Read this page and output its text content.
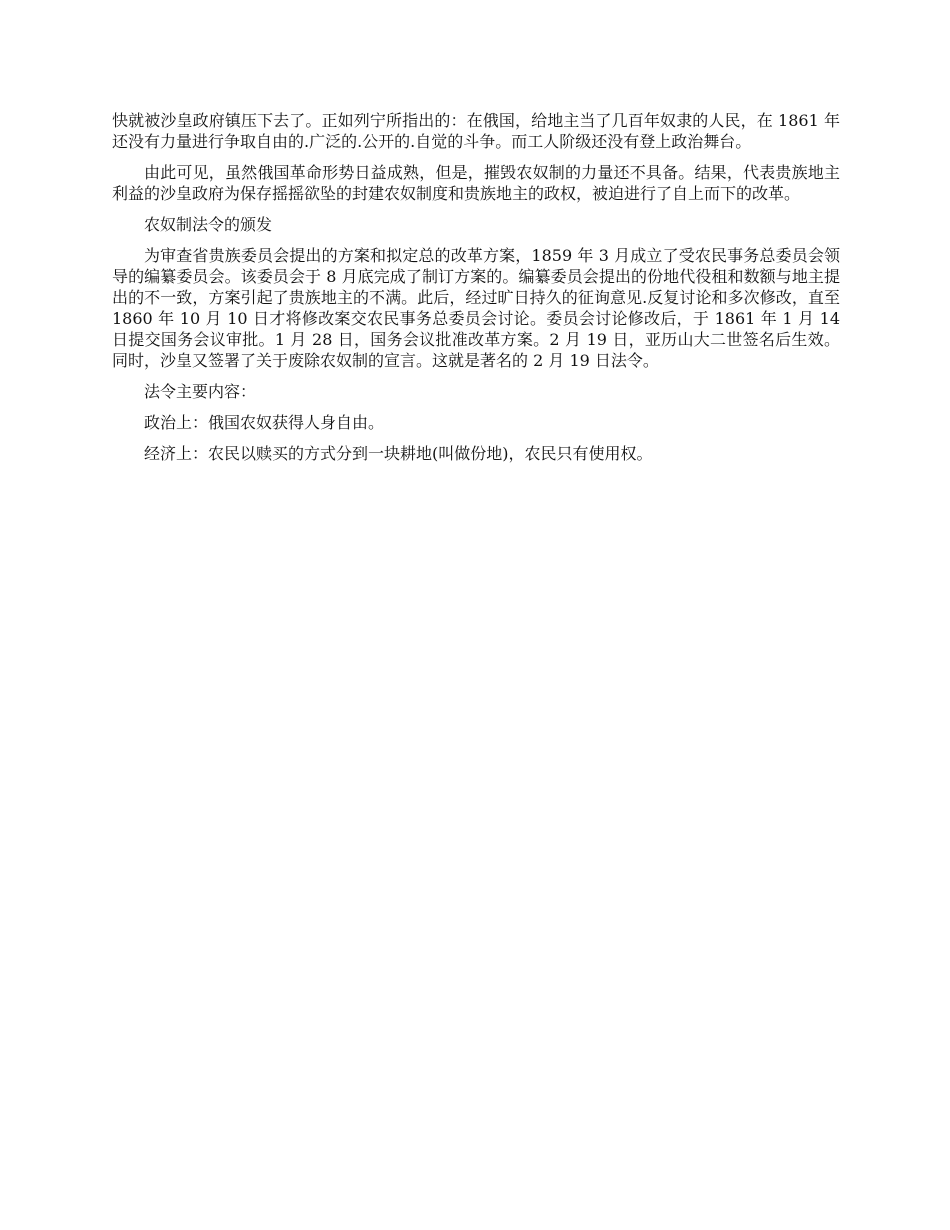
快就被沙皇政府镇压下去了。正如列宁所指出的：在俄国，给地主当了几百年奴隶的人民，在 1861 年还没有力量进行争取自由的.广泛的.公开的.自觉的斗争。而工人阶级还没有登上政治舞台。

由此可见，虽然俄国革命形势日益成熟，但是，摧毁农奴制的力量还不具备。结果，代表贵族地主利益的沙皇政府为保存摇摇欲坠的封建农奴制度和贵族地主的政权，被迫进行了自上而下的改革。

农奴制法令的颁发

为审查省贵族委员会提出的方案和拟定总的改革方案，1859 年 3 月成立了受农民事务总委员会领导的编纂委员会。该委员会于 8 月底完成了制订方案的。编纂委员会提出的份地代役租和数额与地主提出的不一致，方案引起了贵族地主的不满。此后，经过旷日持久的征询意见.反复讨论和多次修改，直至 1860 年 10 月 10 日才将修改案交农民事务总委员会讨论。委员会讨论修改后，于 1861 年 1 月 14 日提交国务会议审批。1 月 28 日，国务会议批准改革方案。2 月 19 日，亚历山大二世签名后生效。同时，沙皇又签署了关于废除农奴制的宣言。这就是著名的 2 月 19 日法令。

法令主要内容：

政治上：俄国农奴获得人身自由。

经济上：农民以赎买的方式分到一块耕地(叫做份地)，农民只有使用权。
